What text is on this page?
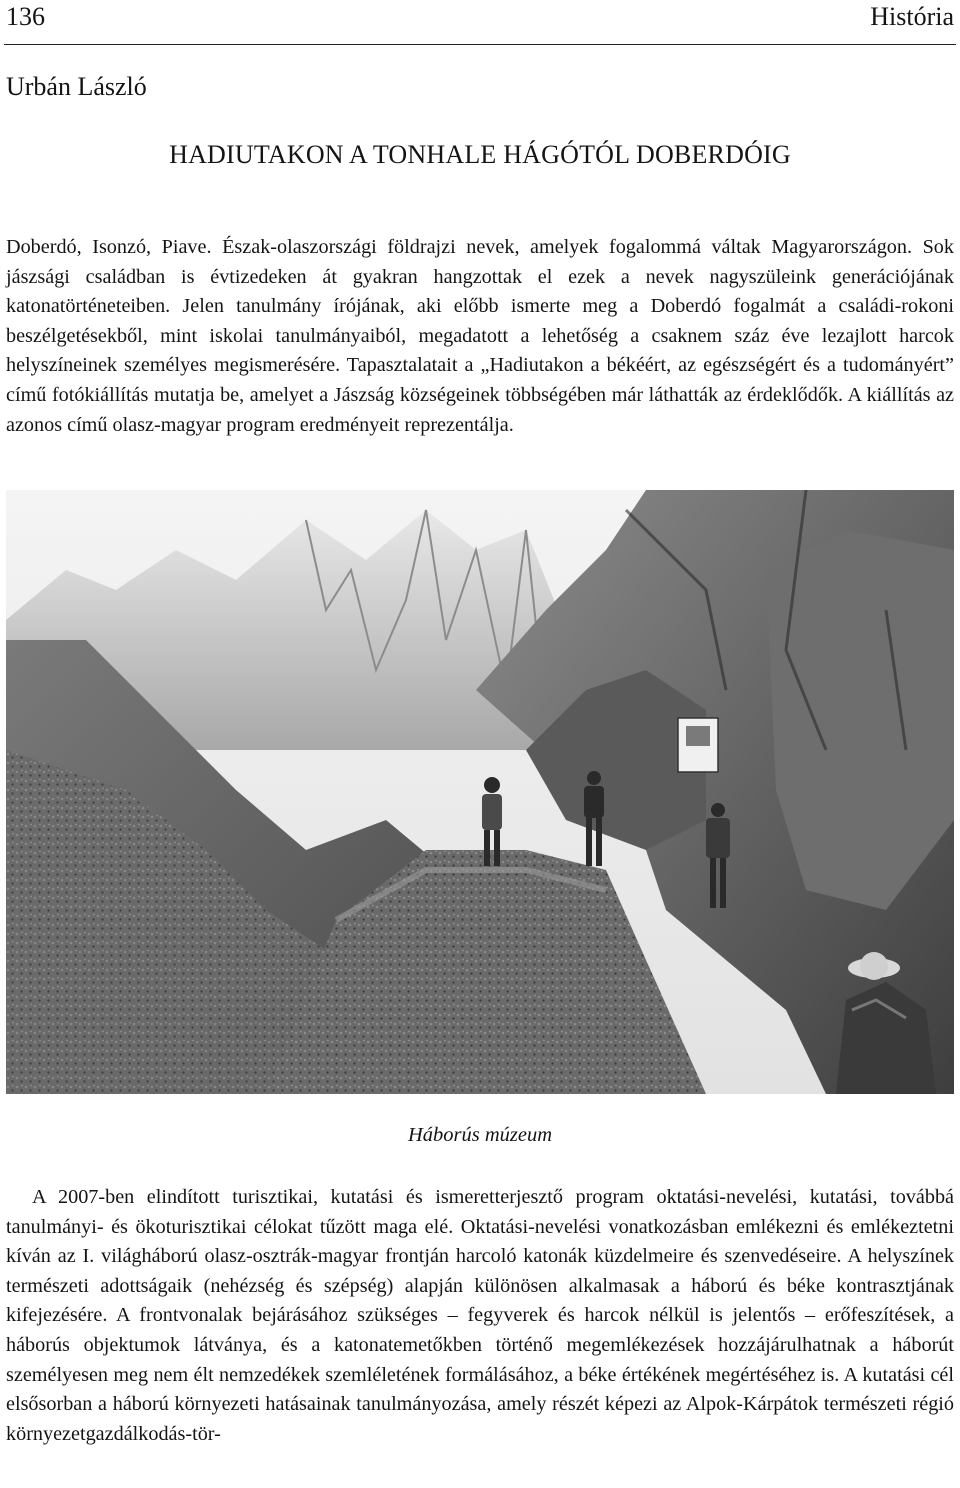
136	História
Urbán László
HADIUTAKON A TONHALE HÁGÓTÓL DOBERDÓIG

Doberdó, Isonzó, Piave. Észak-olaszországi földrajzi nevek, amelyek fogalommá váltak Magyarországon. Sok jászsági családban is évtizedeken át gyakran hangzottak el ezek a nevek nagyszüleink generációjának katonatörténeteiben. Jelen tanulmány írójának, aki előbb ismerte meg a Doberdó fogalmát a családi-rokoni beszélgetésekből, mint iskolai tanulmányaiból, megadatott a lehetőség a csaknem száz éve lezajlott harcok helyszíneinek személyes megismerésére. Tapasztalatait a „Hadiutakon a békéért, az egészségért és a tudományért” című fotókiállítás mutatja be, amelyet a Jászság községeinek többségében már láthatták az érdeklődők. A kiállítás az azonos című olasz-magyar program eredményeit reprezentálja.

Háborús múzeum

A 2007-ben elindított turisztikai, kutatási és ismeretterjesztő program oktatási-nevelési, kutatási, továbbá tanulmányi- és ökoturisztikai célokat tűzött maga elé. Oktatási-nevelési vonatkozásban emlékezni és emlékeztetni kíván az I. világháború olasz-osztrák-magyar frontján harcoló katonák küzdelmeire és szenvedéseire. A helyszínek természeti adottságaik (nehézség és szépség) alapján különösen alkalmasak a háború és béke kontrasztjának kifejezésére. A frontvonalak bejárásához szükséges – fegyverek és harcok nélkül is jelentős – erőfeszítések, a háborús objektumok látványa, és a katonatemetőkben történő megemlékezések hozzájárulhatnak a háborút személyesen meg nem élt nemzedékek szemléletének formálásához, a béke értékének megértéséhez is. A kutatási cél elsősorban a háború környezeti hatásainak tanulmányozása, amely részét képezi az Alpok-Kárpátok természeti régió környezetgazdálkodás-tör-
